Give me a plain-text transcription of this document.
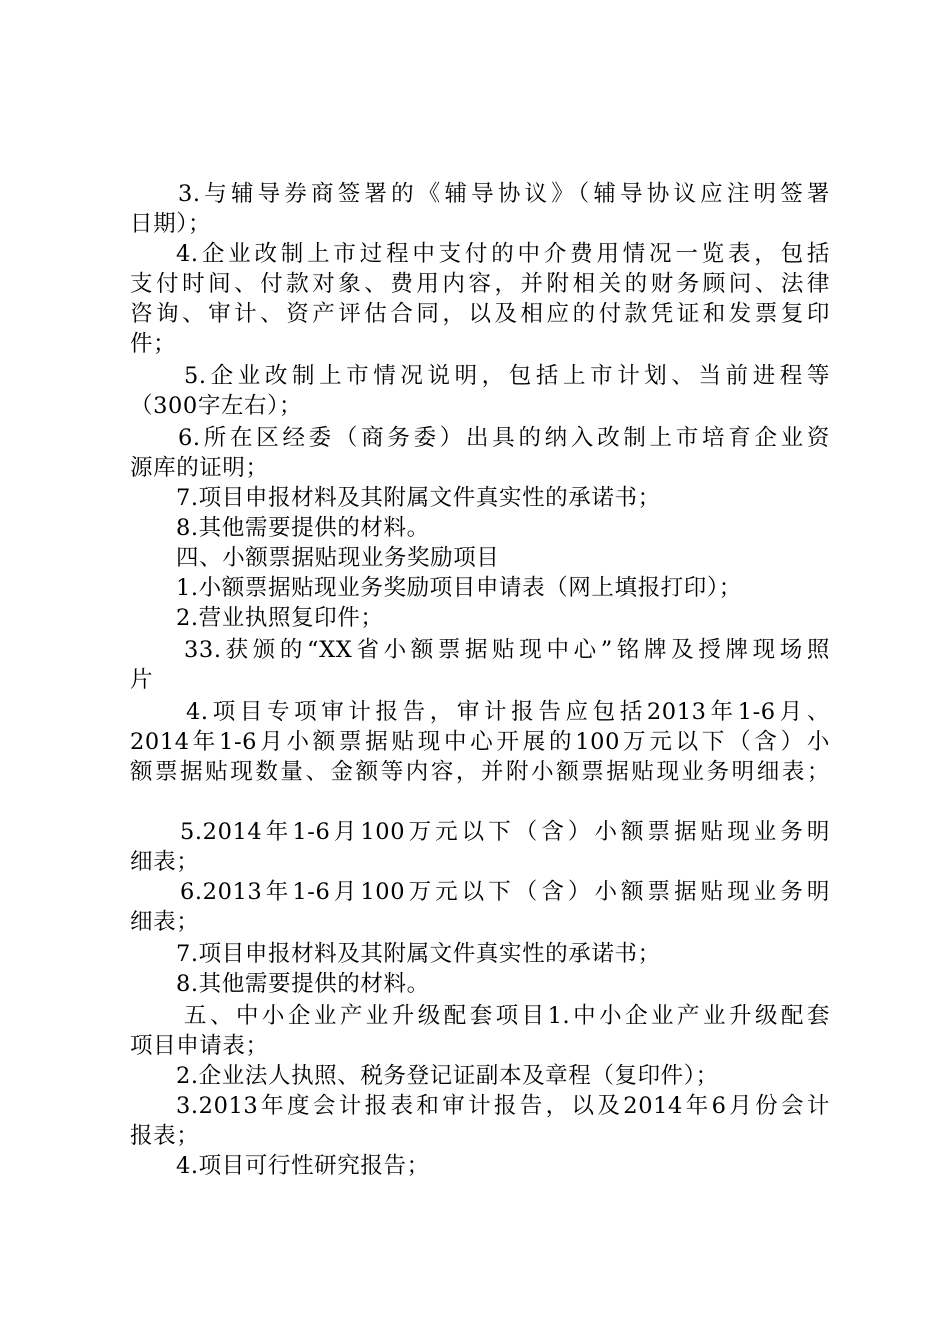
3.与辅导券商签署的《辅导协议》（辅导协议应注明签署
日期）；
4.企业改制上市过程中支付的中介费用情况一览表，包括
支付时间、付款对象、费用内容，并附相关的财务顾问、法律
咨询、审计、资产评估合同，以及相应的付款凭证和发票复印
件；
5.企业改制上市情况说明，包括上市计划、当前进程等
（300字左右）；
6.所在区经委（商务委）出具的纳入改制上市培育企业资
源库的证明；
7.项目申报材料及其附属文件真实性的承诺书；
8.其他需要提供的材料。
四、小额票据贴现业务奖励项目
1.小额票据贴现业务奖励项目申请表（网上填报打印）；
2.营业执照复印件；
33.获颁的“XX省小额票据贴现中心”铭牌及授牌现场照
片
4.项目专项审计报告，审计报告应包括2013年1-6月、
2014年1-6月小额票据贴现中心开展的100万元以下（含）小
额票据贴现数量、金额等内容，并附小额票据贴现业务明细表；
5.2014年1-6月100万元以下（含）小额票据贴现业务明
细表；
6.2013年1-6月100万元以下（含）小额票据贴现业务明
细表；
7.项目申报材料及其附属文件真实性的承诺书；
8.其他需要提供的材料。
五、中小企业产业升级配套项目1.中小企业产业升级配套
项目申请表；
2.企业法人执照、税务登记证副本及章程（复印件）；
3.2013年度会计报表和审计报告，以及2014年6月份会计
报表；
4.项目可行性研究报告；
